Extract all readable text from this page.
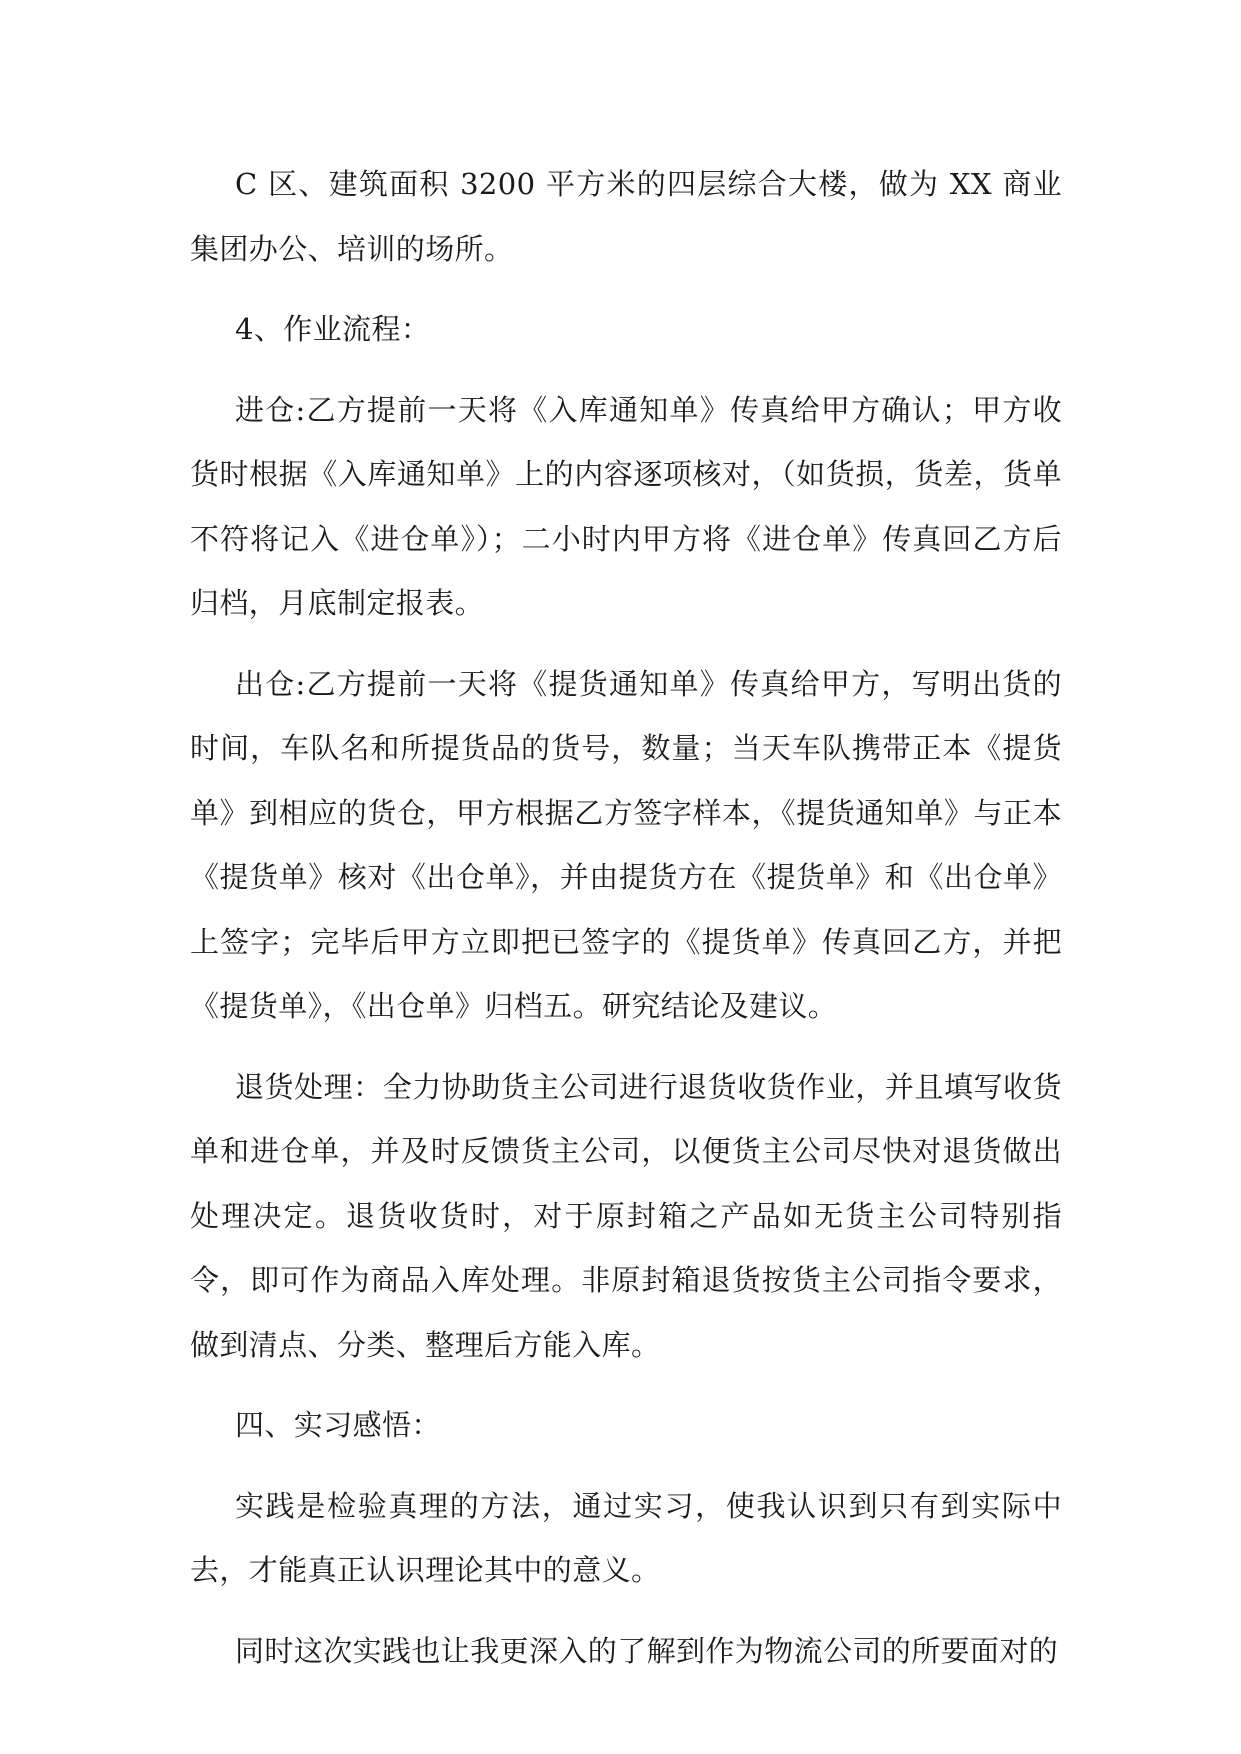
C 区、建筑面积 3200 平方米的四层综合大楼，做为 XX 商业集团办公、培训的场所。

4、作业流程：

进仓:乙方提前一天将《入库通知单》传真给甲方确认；甲方收货时根据《入库通知单》上的内容逐项核对，（如货损，货差，货单不符将记入《进仓单》）；二小时内甲方将《进仓单》传真回乙方后归档，月底制定报表。

出仓:乙方提前一天将《提货通知单》传真给甲方，写明出货的时间，车队名和所提货品的货号，数量；当天车队携带正本《提货单》到相应的货仓，甲方根据乙方签字样本，《提货通知单》与正本《提货单》核对《出仓单》，并由提货方在《提货单》和《出仓单》上签字；完毕后甲方立即把已签字的《提货单》传真回乙方，并把《提货单》，《出仓单》归档五。研究结论及建议。

退货处理：全力协助货主公司进行退货收货作业，并且填写收货单和进仓单，并及时反馈货主公司，以便货主公司尽快对退货做出处理决定。退货收货时，对于原封箱之产品如无货主公司特别指令，即可作为商品入库处理。非原封箱退货按货主公司指令要求，做到清点、分类、整理后方能入库。

四、实习感悟：

实践是检验真理的方法，通过实习，使我认识到只有到实际中去，才能真正认识理论其中的意义。

同时这次实践也让我更深入的了解到作为物流公司的所要面对的
